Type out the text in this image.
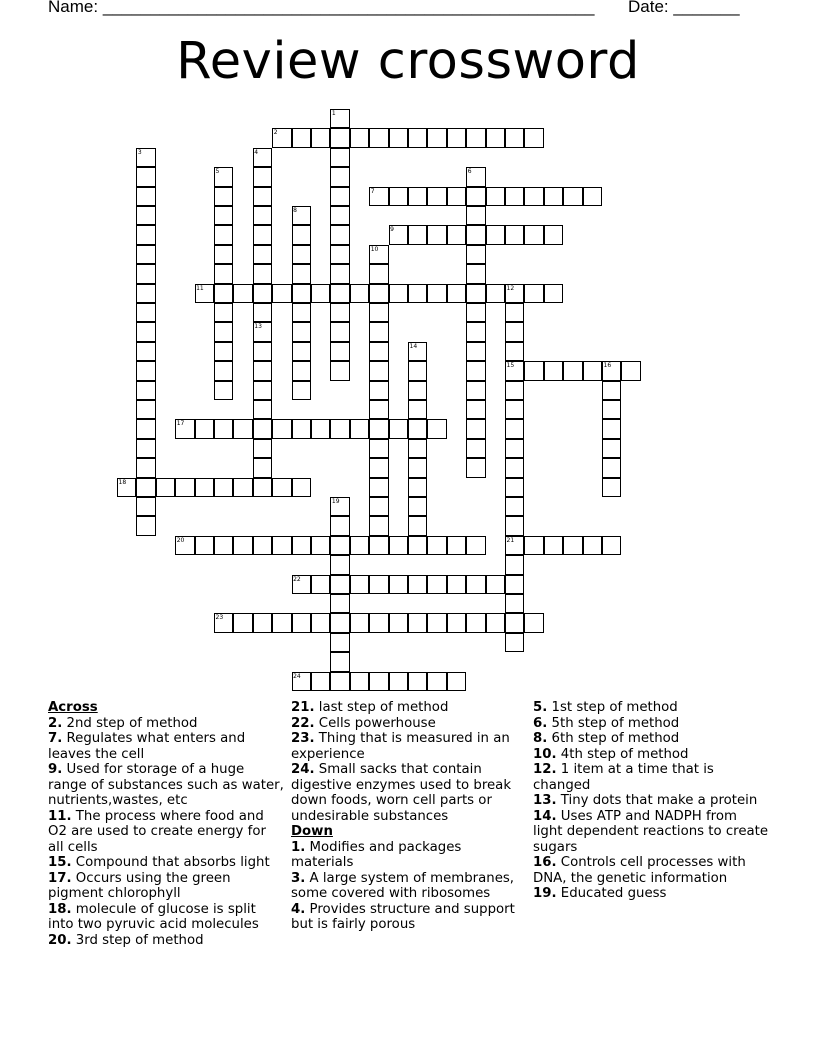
Name: ____________________________________________________ Date: _______
Review crossword
2
7
9
11
15
17
18
20	21
22
23
24
1
3	4
5	6
8
10
12
13
14
16
19
Across
2. 2nd step of method
7. Regulates what enters and leaves the cell
9. Used for storage of a huge range of substances such as water, nutrients,wastes, etc
11. The process where food and O2 are used to create energy for all cells
15. Compound that absorbs light
17. Occurs using the green pigment chlorophyll
18. molecule of glucose is split into two pyruvic acid molecules
20. 3rd step of method
21. last step of method
22. Cells powerhouse
23. Thing that is measured in an experience
24. Small sacks that contain digestive enzymes used to break down foods, worn cell parts or undesirable substances
Down
1. Modifies and packages materials
3. A large system of membranes, some covered with ribosomes
4. Provides structure and support but is fairly porous
5. 1st step of method
6. 5th step of method
8. 6th step of method
10. 4th step of method
12. 1 item at a time that is changed
13. Tiny dots that make a protein
14. Uses ATP and NADPH from light dependent reactions to create sugars
16. Controls cell processes with DNA, the genetic information
19. Educated guess
